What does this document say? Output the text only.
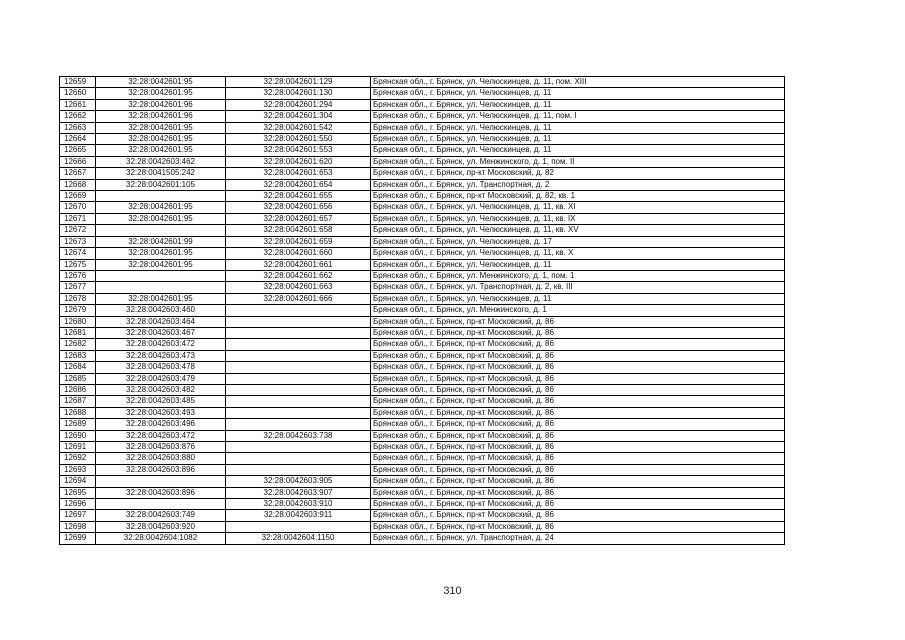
12659	32:28:0042601:95	32:28:0042601:129	Брянская обл., г. Брянск, ул. Челюскинцев, д. 11, пом. XIII
12660	32:28:0042601:95	32:28:0042601:130	Брянская обл., г. Брянск, ул. Челюскинцев, д. 11
12661	32:28:0042601:96	32:28:0042601:294	Брянская обл., г. Брянск, ул. Челюскинцев, д. 11
12662	32:28:0042601:96	32:28:0042601:304	Брянская обл., г. Брянск, ул. Челюскинцев, д. 11, пом. I
12663	32:28:0042601:95	32:28:0042601:542	Брянская обл., г. Брянск, ул. Челюскинцев, д. 11
12664	32:28:0042601:95	32:28:0042601:550	Брянская обл., г. Брянск, ул. Челюскинцев, д. 11
12665	32:28:0042601:95	32:28:0042601:553	Брянская обл., г. Брянск, ул. Челюскинцев, д. 11
12666	32:28:0042603:462	32:28:0042601:620	Брянская обл., г. Брянск, ул. Менжинского, д. 1, пом. II
12667	32:28:0041505:242	32:28:0042601:653	Брянская обл., г. Брянск, пр-кт Московский, д. 82
12668	32:28:0042601:105	32:28:0042601:654	Брянская обл., г. Брянск, ул. Транспортная, д. 2
12669		32:28:0042601:655	Брянская обл., г. Брянск, пр-кт Московский, д. 82, кв. 1
12670	32:28:0042601:95	32:28:0042601:656	Брянская обл., г. Брянск, ул. Челюскинцев, д. 11, кв. XI
12671	32:28:0042601:95	32:28:0042601:657	Брянская обл., г. Брянск, ул. Челюскинцев, д. 11, кв. IX
12672		32:28:0042601:658	Брянская обл., г. Брянск, ул. Челюскинцев, д. 11, кв. XV
12673	32:28:0042601:99	32:28:0042601:659	Брянская обл., г. Брянск, ул. Челюскинцев, д. 17
12674	32:28:0042601:95	32:28:0042601:660	Брянская обл., г. Брянск, ул. Челюскинцев, д. 11, кв. X
12675	32:28:0042601:95	32:28:0042601:661	Брянская обл., г. Брянск, ул. Челюскинцев, д. 11
12676		32:28:0042601:662	Брянская обл., г. Брянск, ул. Менжинского, д. 1, пом. 1
12677		32:28:0042601:663	Брянская обл., г. Брянск, ул. Транспортная, д. 2, кв. III
12678	32:28:0042601:95	32:28:0042601:666	Брянская обл., г. Брянск, ул. Челюскинцев, д. 11
12679	32:28:0042603:460		Брянская обл., г. Брянск, ул. Менжинского, д. 1
12680	32:28:0042603:464		Брянская обл., г. Брянск, пр-кт Московский, д. 86
12681	32:28:0042603:467		Брянская обл., г. Брянск, пр-кт Московский, д. 86
12682	32:28:0042603:472		Брянская обл., г. Брянск, пр-кт Московский, д. 86
12683	32:28:0042603:473		Брянская обл., г. Брянск, пр-кт Московский, д. 86
12684	32:28:0042603:478		Брянская обл., г. Брянск, пр-кт Московский, д. 86
12685	32:28:0042603:479		Брянская обл., г. Брянск, пр-кт Московский, д. 86
12686	32:28:0042603:482		Брянская обл., г. Брянск, пр-кт Московский, д. 86
12687	32:28:0042603:485		Брянская обл., г. Брянск, пр-кт Московский, д. 86
12688	32:28:0042603:493		Брянская обл., г. Брянск, пр-кт Московский, д. 86
12689	32:28:0042603:496		Брянская обл., г. Брянск, пр-кт Московский, д. 86
12690	32:28:0042603:472	32:28:0042603:738	Брянская обл., г. Брянск, пр-кт Московский, д. 86
12691	32:28:0042603:876		Брянская обл., г. Брянск, пр-кт Московский, д. 86
12692	32:28:0042603:880		Брянская обл., г. Брянск, пр-кт Московский, д. 86
12693	32:28:0042603:896		Брянская обл., г. Брянск, пр-кт Московский, д. 86
12694		32:28:0042603:905	Брянская обл., г. Брянск, пр-кт Московский, д. 86
12695	32:28:0042603:896	32:28:0042603:907	Брянская обл., г. Брянск, пр-кт Московский, д. 86
12696		32:28:0042603:910	Брянская обл., г. Брянск, пр-кт Московский, д. 86
12697	32:28:0042603:749	32:28:0042603:911	Брянская обл., г. Брянск, пр-кт Московский, д. 86
12698	32:28:0042603:920		Брянская обл., г. Брянск, пр-кт Московский, д. 86
12699	32:28:0042604:1082	32:28:0042604:1150	Брянская обл., г. Брянск, ул. Транспортная, д. 24
310
